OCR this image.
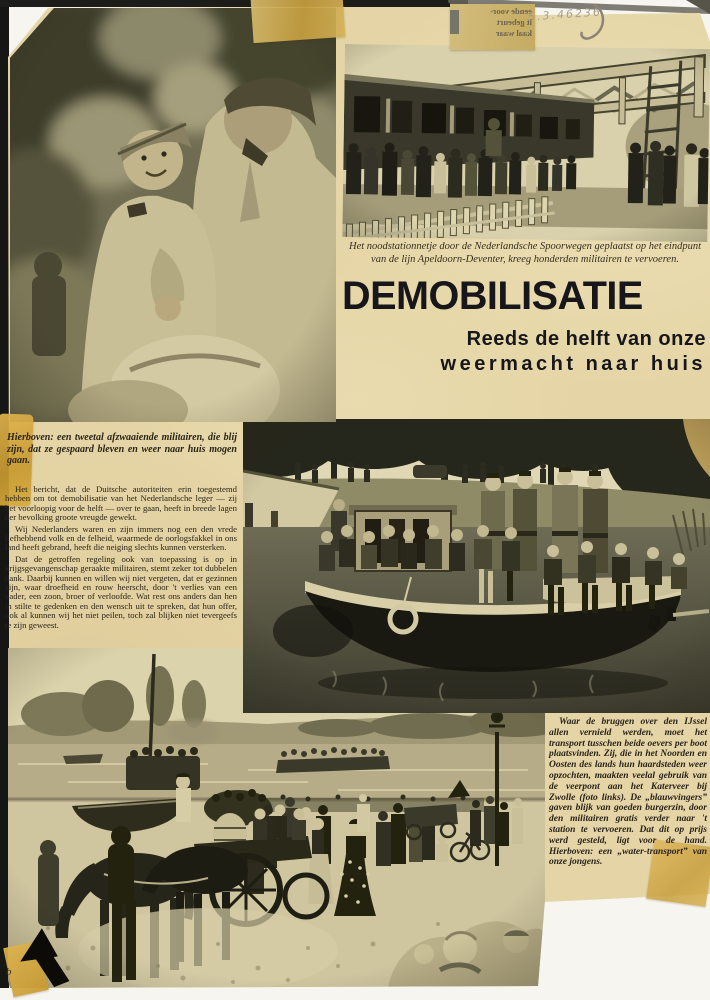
eende voor-
lt gebeurt
kaal waar
5.3.46236
Het noodstationnetje door de Nederlandsche Spoorwegen geplaatst op het eindpunt
van de lijn Apeldoorn-Deventer, kreeg honderden militairen te vervoeren.
DEMOBILISATIE
Reeds de helft van onze
weermacht naar huis
Hierboven: een tweetal afzwaaiende militairen, die blij zijn, dat ze gespaard bleven en weer naar huis mogen gaan.

Het bericht, dat de Duitsche autoriteiten erin toegestemd hebben om tot demobilisatie van het Nederlandsche leger — zij het voorloopig voor de helft — over te gaan, heeft in breede lagen der bevolking groote vreugde gewekt.

Wij Nederlanders waren en zijn immers nog een den vrede liefhebbend volk en de felheid, waarmede de oorlogsfakkel in ons land heeft gebrand, heeft die neiging slechts kunnen versterken.

Dat de getroffen regeling ook van toepassing is op in krijgsgevangenschap geraakte militairen, stemt zeker tot dubbelen dank. Daarbij kunnen en willen wij niet vergeten, dat er gezinnen zijn, waar droefheid en rouw heerscht, door 't verlies van een vader, een zoon, broer of verloofde. Wat rest ons anders dan hen in stilte te gedenken en den wensch uit te spreken, dat hun offer, ook al kunnen wij het niet peilen, toch zal blijken niet tevergeefs te zijn geweest.

Waar de bruggen over den IJssel allen vernield werden, moet het transport tusschen beide oevers per boot plaatsvinden. Zij, die in het Noorden en Oosten des lands hun haardsteden weer opzochten, maakten veelal gebruik van de veerpont aan het Katerveer bij Zwolle (foto links). De „blauwvingers” gaven blijk van goeden burgerzin, door den militairen gratis verder naar 't station te vervoeren. Dat dit op prijs werd gesteld, ligt voor de hand. Hierboven: een „water-transport” van onze jongens.
b
